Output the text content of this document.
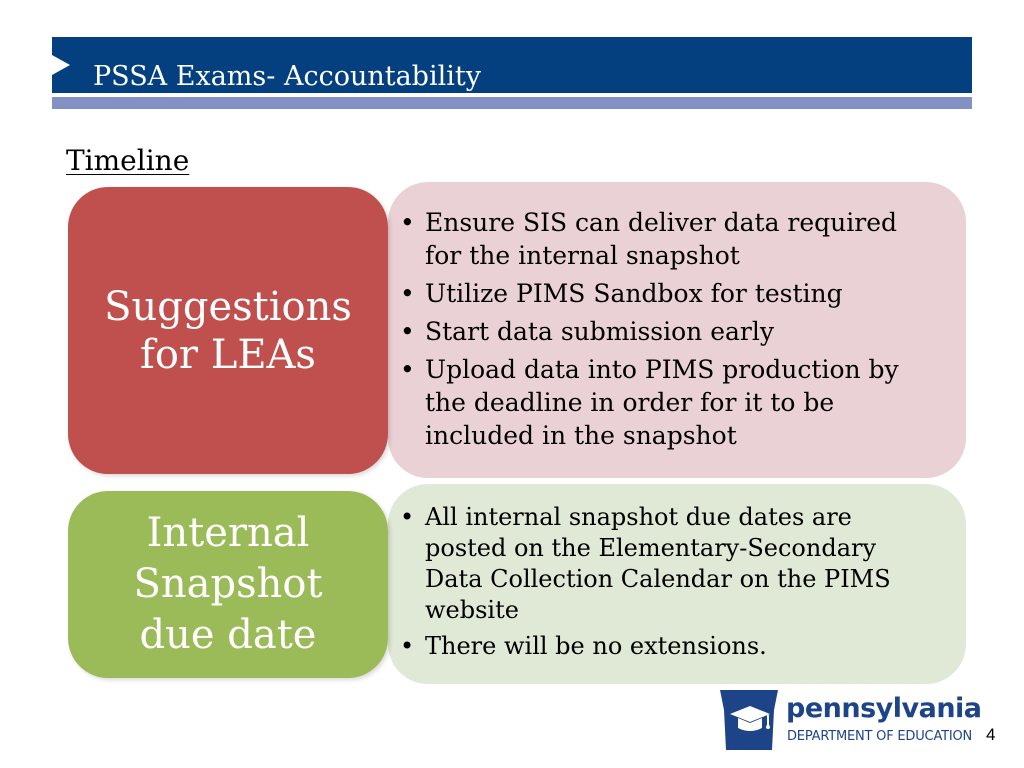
PSSA Exams- Accountability
Timeline
Suggestions
for LEAs
• Ensure SIS can deliver data required for the internal snapshot
• Utilize PIMS Sandbox for testing
• Start data submission early
• Upload data into PIMS production by the deadline in order for it to be included in the snapshot
Internal
Snapshot
due date
• All internal snapshot due dates are posted on the Elementary-Secondary Data Collection Calendar on the PIMS website
• There will be no extensions.
pennsylvania
DEPARTMENT OF EDUCATION 4
